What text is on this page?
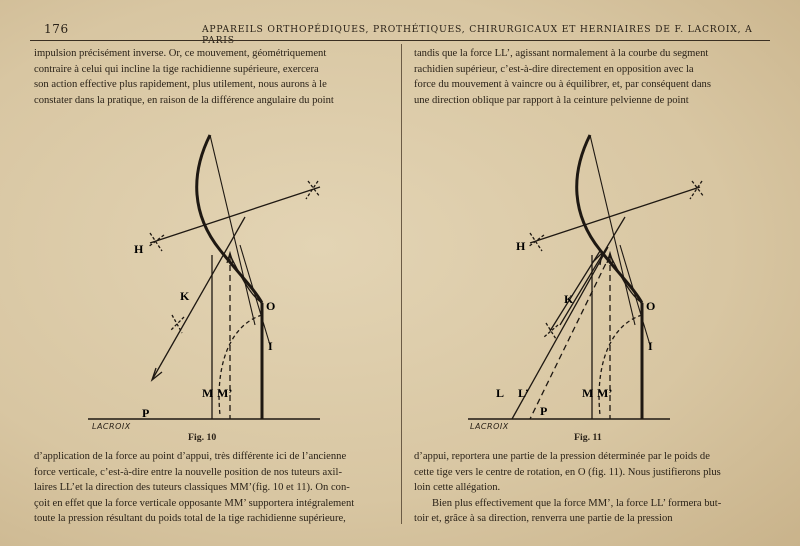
176	APPAREILS ORTHOPÉDIQUES, PROTHÉTIQUES, CHIRURGICAUX ET HERNIAIRES DE F. LACROIX, A

impulsion précisément inverse. Or, ce mouvement, géométriquement

contraire à celui qui incline la tige rachidienne supérieure, exercera

son action effective plus rapidement, plus utilement, nous aurons à le

constater dans la pratique, en raison de la différence angulaire du point

tandis que la force LL’, agissant normalement à la courbe du segment

rachidien supérieur, c’est-à-dire directement en opposition avec la

force du mouvement à vaincre ou à équilibrer, et, par conséquent dans

une direction oblique par rapport à la ceinture pelvienne de point

H
K
O
I
M M’
P
LACROIX
Fig. 10
H
K	O
I
M M’
L L’
P
LACROIX
Fig. 11

d’application de la force au point d’appui, très différente ici de l’ancienne

force verticale, c’est-à-dire entre la nouvelle position de nos tuteurs axil-

laires LL’et la direction des tuteurs classiques MM’(fig. 10 et 11). On con-

çoit en effet que la force verticale opposante MM’ supportera intégralement

toute la pression résultant du poids total de la tige rachidienne supérieure,

d’appui, reportera une partie de la pression déterminée par le poids de

cette tige vers le centre de rotation, en O (fig. 11). Nous justifierons plus

loin cette allégation.

Bien plus effectivement que la force MM’, la force LL’ formera but-

toir et, grâce à sa direction, renverra une partie de la pression
